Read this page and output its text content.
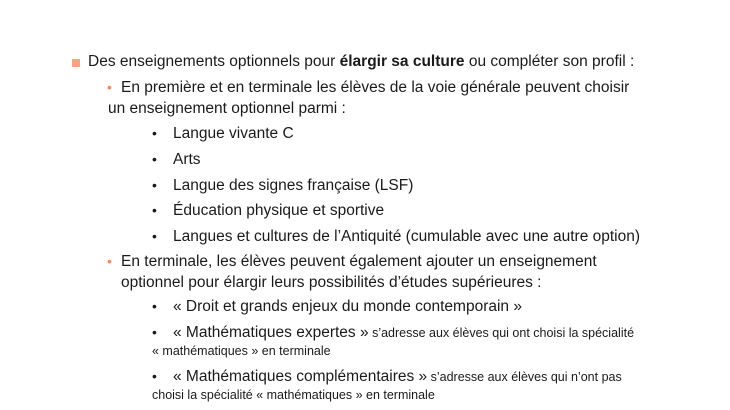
Des enseignements optionnels pour élargir sa culture ou compléter son profil :
• En première et en terminale les élèves de la voie générale peuvent choisir
un enseignement optionnel parmi :
• Langue vivante C
• Arts
• Langue des signes française (LSF)
• Éducation physique et sportive
• Langues et cultures de l’Antiquité (cumulable avec une autre option)
• En terminale, les élèves peuvent également ajouter un enseignement
optionnel pour élargir leurs possibilités d’études supérieures :
• « Droit et grands enjeux du monde contemporain »
• « Mathématiques expertes » s’adresse aux élèves qui ont choisi la spécialité
« mathématiques » en terminale
• « Mathématiques complémentaires » s’adresse aux élèves qui n’ont pas
choisi la spécialité « mathématiques » en terminale
